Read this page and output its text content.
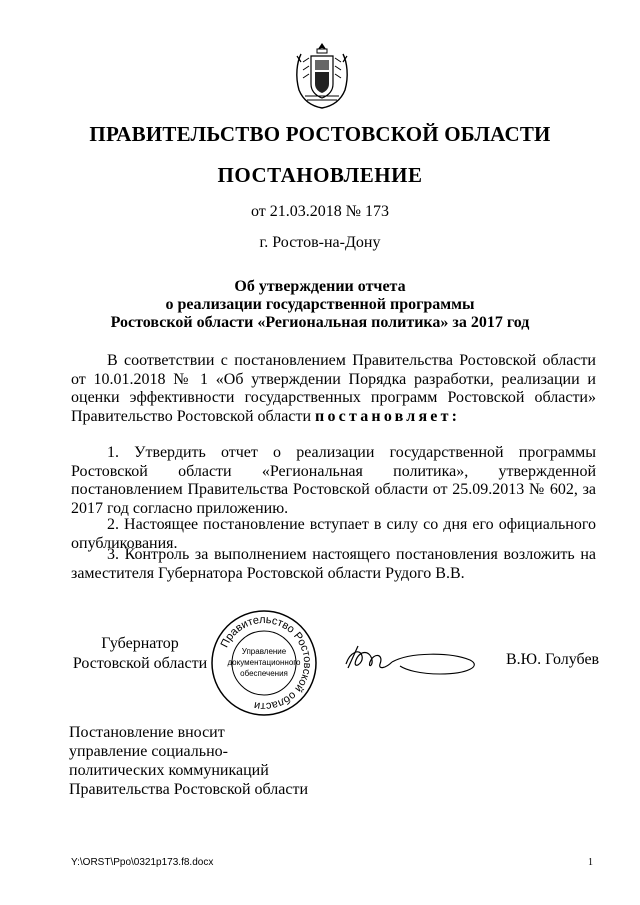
ПРАВИТЕЛЬСТВО РОСТОВСКОЙ ОБЛАСТИ
ПОСТАНОВЛЕНИЕ
от 21.03.2018 № 173
г. Ростов-на-Дону
Об утверждении отчета
о реализации государственной программы
Ростовской области «Региональная политика» за 2017 год
В соответствии с постановлением Правительства Ростовской области от 10.01.2018 № 1 «Об утверждении Порядка разработки, реализации и оценки эффективности государственных программ Ростовской области» Правительство Ростовской области постановляет:
1. Утвердить отчет о реализации государственной программы Ростовской области «Региональная политика», утвержденной постановлением Правительства Ростовской области от 25.09.2013 № 602, за 2017 год согласно приложению.
2. Настоящее постановление вступает в силу со дня его официального опубликования.
3. Контроль за выполнением настоящего постановления возложить на заместителя Губернатора Ростовской области Рудого В.В.
Губернатор
Ростовской области
Правительство Ростовской области
Управление
документационного
обеспечения
В.Ю. Голубев
Постановление вносит
управление социально-
политических коммуникаций
Правительства Ростовской области
Y:\ORST\Ppo\0321p173.f8.docx	1
